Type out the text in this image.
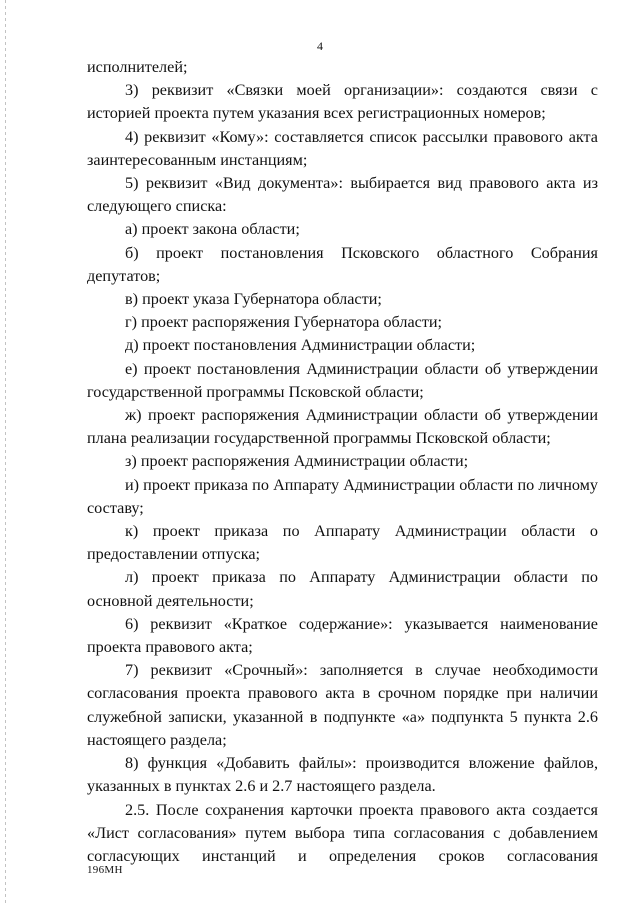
4

исполнителей;

3) реквизит «Связки моей организации»: создаются связи с историей проекта путем указания всех регистрационных номеров;

4) реквизит «Кому»: составляется список рассылки правового акта заинтересованным инстанциям;

5) реквизит «Вид документа»: выбирается вид правового акта из следующего списка:

а) проект закона области;

б) проект постановления Псковского областного Собрания депутатов;

в) проект указа Губернатора области;

г) проект распоряжения Губернатора области;

д) проект постановления Администрации области;

е) проект постановления Администрации области об утверждении государственной программы Псковской области;

ж) проект распоряжения Администрации области об утверждении плана реализации государственной программы Псковской области;

з) проект распоряжения Администрации области;

и) проект приказа по Аппарату Администрации области по личному составу;

к) проект приказа по Аппарату Администрации области о предоставлении отпуска;

л) проект приказа по Аппарату Администрации области по основной деятельности;

6) реквизит «Краткое содержание»: указывается наименование проекта правового акта;

7) реквизит «Срочный»: заполняется в случае необходимости согласования проекта правового акта в срочном порядке при наличии служебной записки, указанной в подпункте «а» подпункта 5 пункта 2.6 настоящего раздела;

8) функция «Добавить файлы»: производится вложение файлов, указанных в пунктах 2.6 и 2.7 настоящего раздела.

2.5. После сохранения карточки проекта правового акта создается «Лист согласования» путем выбора типа согласования с добавлением согласующих инстанций и определения сроков согласования

196МН
